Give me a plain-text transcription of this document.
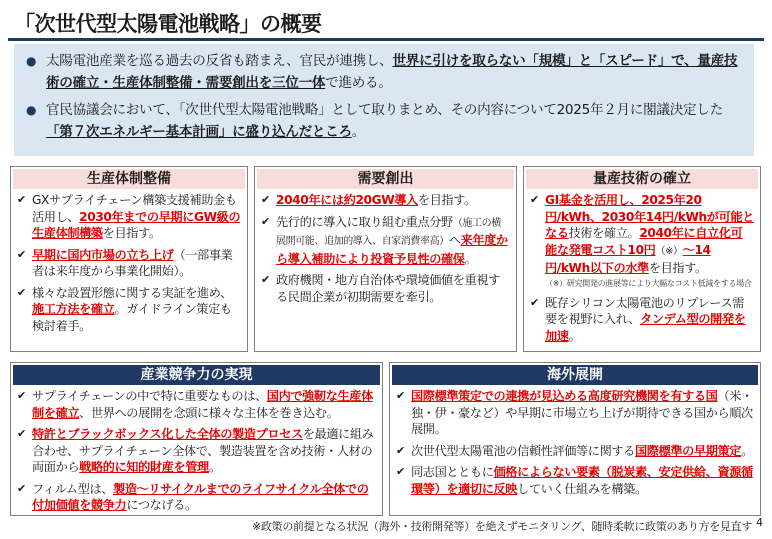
「次世代型太陽電池戦略」の概要
● 太陽電池産業を巡る過去の反省も踏まえ、官民が連携し、世界に引けを取らない「規模」と「スピード」で、量産技術の確立・生産体制整備・需要創出を三位一体で進める。
● 官民協議会において、「次世代型太陽電池戦略」として取りまとめ、その内容について2025年２月に閣議決定した「第７次エネルギー基本計画」に盛り込んだところ。
生産体制整備
✔ GXサプライチェーン構築支援補助金も活用し、2030年までの早期にGW級の生産体制構築を目指す。
✔ 早期に国内市場の立ち上げ（一部事業者は来年度から事業化開始）。
✔ 様々な設置形態に関する実証を進め、施工方法を確立。ガイドライン策定も検討着手。
需要創出
✔ 2040年には約20GW導入を目指す。
✔ 先行的に導入に取り組む重点分野（施工の横展開可能、追加的導入、自家消費率高）へ来年度から導入補助により投資予見性の確保。
✔ 政府機関・地方自治体や環境価値を重視する民間企業が初期需要を牽引。
量産技術の確立
✔ GI基金を活用し、2025年20円/kWh、2030年14円/kWhが可能となる技術を確立。2040年に自立化可能な発電コスト10円（※）～14円/kWh以下の水準を目指す。
（※）研究開発の進展等により大幅なコスト低減をする場合
✔ 既存シリコン太陽電池のリプレース需要を視野に入れ、タンデム型の開発を加速。
産業競争力の実現
✔ サプライチェーンの中で特に重要なものは、国内で強靭な生産体制を確立、世界への展開を念頭に様々な主体を巻き込む。
✔ 特許とブラックボックス化した全体の製造プロセスを最適に組み合わせ、サプライチェーン全体で、製造装置を含め技術・人材の両面から戦略的に知的財産を管理。
✔ フィルム型は、製造～リサイクルまでのライフサイクル全体での付加価値を競争力につなげる。
海外展開
✔ 国際標準策定での連携が見込める高度研究機関を有する国（米・独・伊・豪など）や早期に市場立ち上げが期待できる国から順次展開。
✔ 次世代型太陽電池の信頼性評価等に関する国際標準の早期策定。
✔ 同志国とともに価格によらない要素（脱炭素、安定供給、資源循環等）を適切に反映していく仕組みを構築。
※政策の前提となる状況（海外・技術開発等）を絶えずモニタリング、随時柔軟に政策のあり方を見直す 4
